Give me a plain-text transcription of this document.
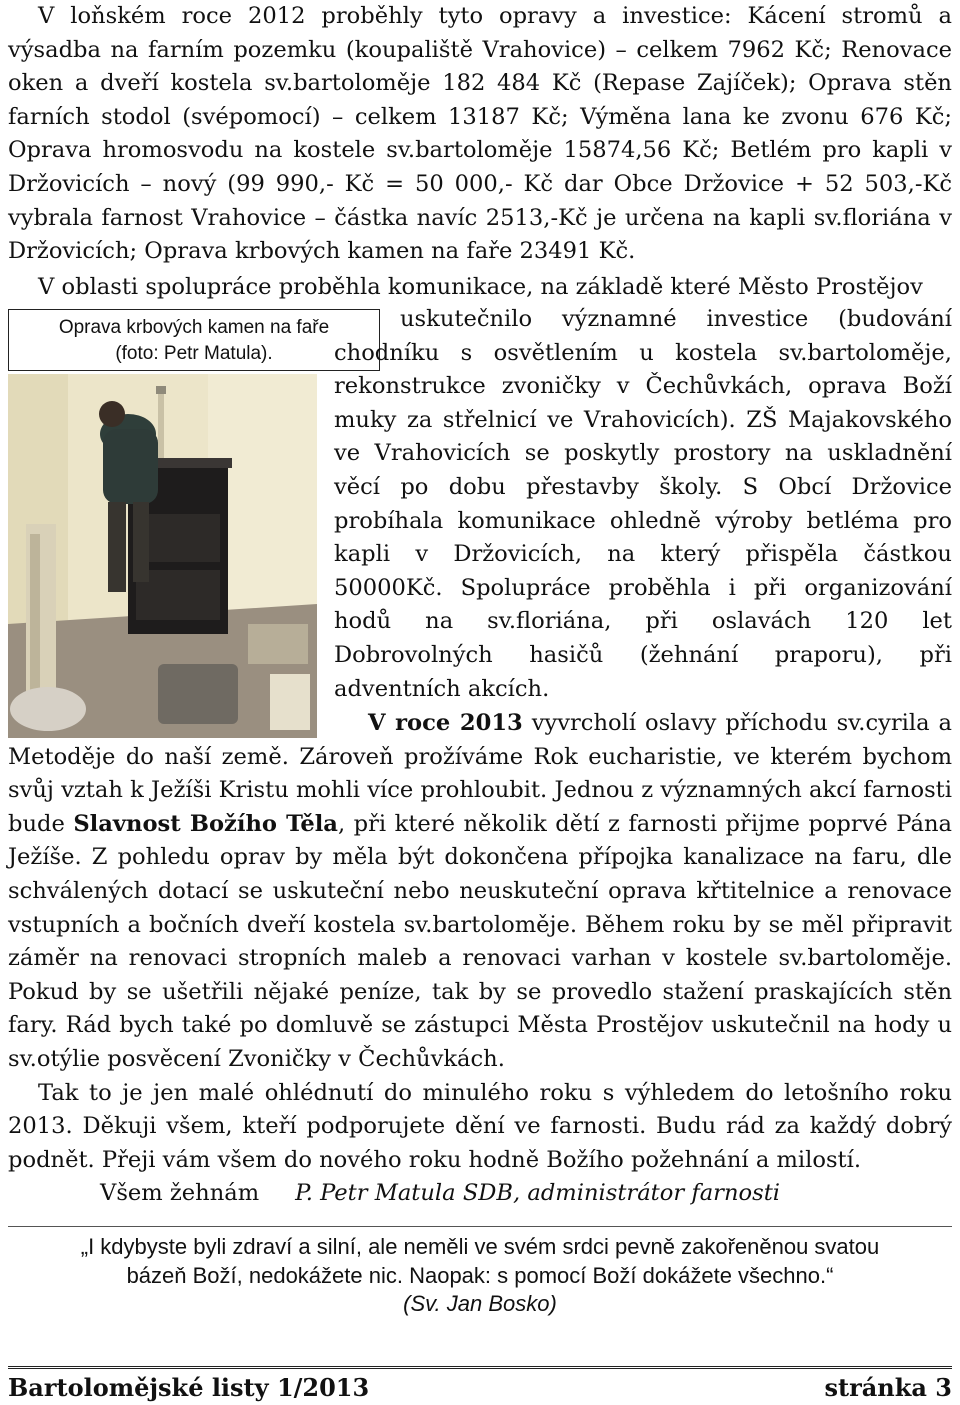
V loňském roce 2012 proběhly tyto opravy a investice: Kácení stromů a výsadba na farním pozemku (koupaliště Vrahovice) – celkem 7962 Kč; Renovace oken a dveří kostela sv.bartoloměje 182 484 Kč (Repase Zajíček); Oprava stěn farních stodol (svépomocí) – celkem 13187 Kč; Výměna lana ke zvonu 676 Kč; Oprava hromosvodu na kostele sv.bartoloměje 15874,56 Kč; Betlém pro kapli v Držovicích – nový (99 990,- Kč = 50 000,- Kč dar Obce Držovice + 52 503,-Kč vybrala farnost Vrahovice – částka navíc 2513,-Kč je určena na kapli sv.floriána v Držovicích; Oprava krbových kamen na faře 23491 Kč.

V oblasti spolupráce proběhla komunikace, na základě které Město Prostějov

Oprava krbových kamen na faře
(foto: Petr Matula).

uskutečnilo významné investice (budování chodníku s osvětlením u kostela sv.bartoloměje, rekonstrukce zvoničky v Čechůvkách, oprava Boží muky za střelnicí ve Vrahovicích). ZŠ Majakovského ve Vrahovicích se poskytly prostory na uskladnění věcí po dobu přestavby školy. S Obcí Držovice probíhala komunikace ohledně výroby betléma pro kapli v Držovicích, na který přispěla částkou 50000Kč. Spolupráce proběhla i při organizování hodů na sv.floriána, při oslavách 120 let Dobrovolných hasičů (žehnání praporu), při adventních akcích.

V roce 2013 vyvrcholí oslavy příchodu sv.cyrila a Metoděje do naší země. Zároveň prožíváme Rok eucharistie, ve kterém bychom svůj vztah k Ježíši Kristu mohli více prohloubit. Jednou z významných akcí farnosti bude Slavnost Božího Těla, při které několik dětí z farnosti přijme poprvé Pána Ježíše. Z pohledu oprav by měla být dokončena přípojka kanalizace na faru, dle schválených dotací se uskuteční nebo neuskuteční oprava křtitelnice a renovace vstupních a bočních dveří kostela sv.bartoloměje. Během roku by se měl připravit záměr na renovaci stropních maleb a renovaci varhan v kostele sv.bartoloměje. Pokud by se ušetřili nějaké peníze, tak by se provedlo stažení praskajících stěn fary. Rád bych také po domluvě se zástupci Města Prostějov uskutečnil na hody u sv.otýlie posvěcení Zvoničky v Čechůvkách.

Tak to je jen malé ohlédnutí do minulého roku s výhledem do letošního roku 2013. Děkuji všem, kteří podporujete dění ve farnosti. Budu rád za každý dobrý podnět. Přeji vám všem do nového roku hodně Božího požehnání a milostí.

Všem žehnám P. Petr Matula SDB, administrátor farnosti

„I kdybyste byli zdraví a silní, ale neměli ve svém srdci pevně zakořeněnou svatou
bázeň Boží, nedokážete nic. Naopak: s pomocí Boží dokážete všechno.“
(Sv. Jan Bosko)
Bartolomějské listy 1/2013	stránka 3
